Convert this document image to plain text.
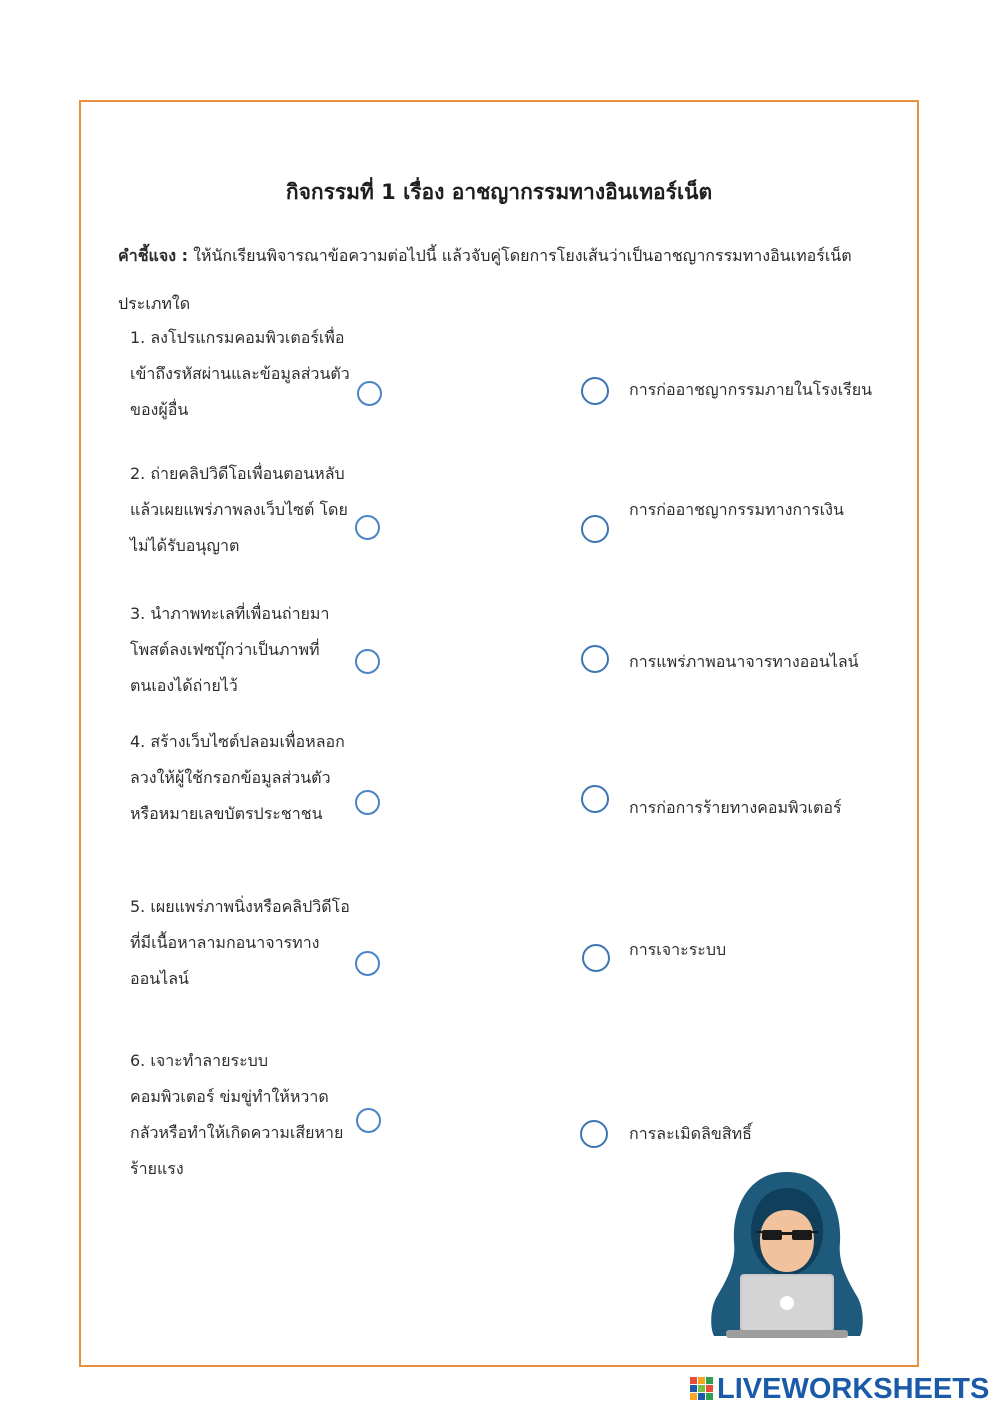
กิจกรรมที่ 1 เรื่อง อาชญากรรมทางอินเทอร์เน็ต
คำชี้แจง : ให้นักเรียนพิจารณาข้อความต่อไปนี้ แล้วจับคู่โดยการโยงเส้นว่าเป็นอาชญากรรมทางอินเทอร์เน็ตประเภทใด
1. ลงโปรแกรมคอมพิวเตอร์เพื่อเข้าถึงรหัสผ่านและข้อมูลส่วนตัวของผู้อื่น
2. ถ่ายคลิปวิดีโอเพื่อนตอนหลับ แล้วเผยแพร่ภาพลงเว็บไซต์ โดยไม่ได้รับอนุญาต
3. นำภาพทะเลที่เพื่อนถ่ายมาโพสต์ลงเฟซบุ๊กว่าเป็นภาพที่ตนเองได้ถ่ายไว้
4. สร้างเว็บไซต์ปลอมเพื่อหลอกลวงให้ผู้ใช้กรอกข้อมูลส่วนตัวหรือหมายเลขบัตรประชาชน
5. เผยแพร่ภาพนิ่งหรือคลิปวิดีโอที่มีเนื้อหาลามกอนาจารทางออนไลน์
6. เจาะทำลายระบบคอมพิวเตอร์ ข่มขู่ทำให้หวาดกลัวหรือทำให้เกิดความเสียหายร้ายแรง
การก่ออาชญากรรมภายในโรงเรียน
การก่ออาชญากรรมทางการเงิน
การแพร่ภาพอนาจารทางออนไลน์
การก่อการร้ายทางคอมพิวเตอร์
การเจาะระบบ
การละเมิดลิขสิทธิ์
LIVEWORKSHEETS
